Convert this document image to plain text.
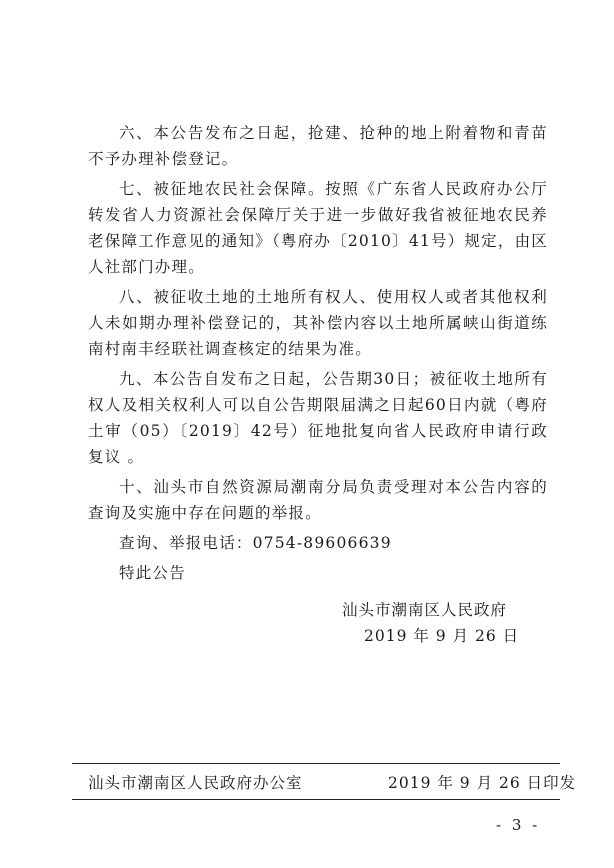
六、本公告发布之日起，抢建、抢种的地上附着物和青苗不予办理补偿登记。

七、被征地农民社会保障。按照《广东省人民政府办公厅转发省人力资源社会保障厅关于进一步做好我省被征地农民养老保障工作意见的通知》（粤府办〔2010〕41号）规定，由区人社部门办理。

八、被征收土地的土地所有权人、使用权人或者其他权利人未如期办理补偿登记的，其补偿内容以土地所属峡山街道练南村南丰经联社调查核定的结果为准。

九、本公告自发布之日起，公告期30日；被征收土地所有权人及相关权利人可以自公告期限届满之日起60日内就（粤府土审（05）〔2019〕42号）征地批复向省人民政府申请行政复议 。

十、汕头市自然资源局潮南分局负责受理对本公告内容的查询及实施中存在问题的举报。

查询、举报电话：0754-89606639

特此公告

汕头市潮南区人民政府
2019 年 9 月 26 日
汕头市潮南区人民政府办公室	2019 年 9 月 26 日印发
- 3 -
